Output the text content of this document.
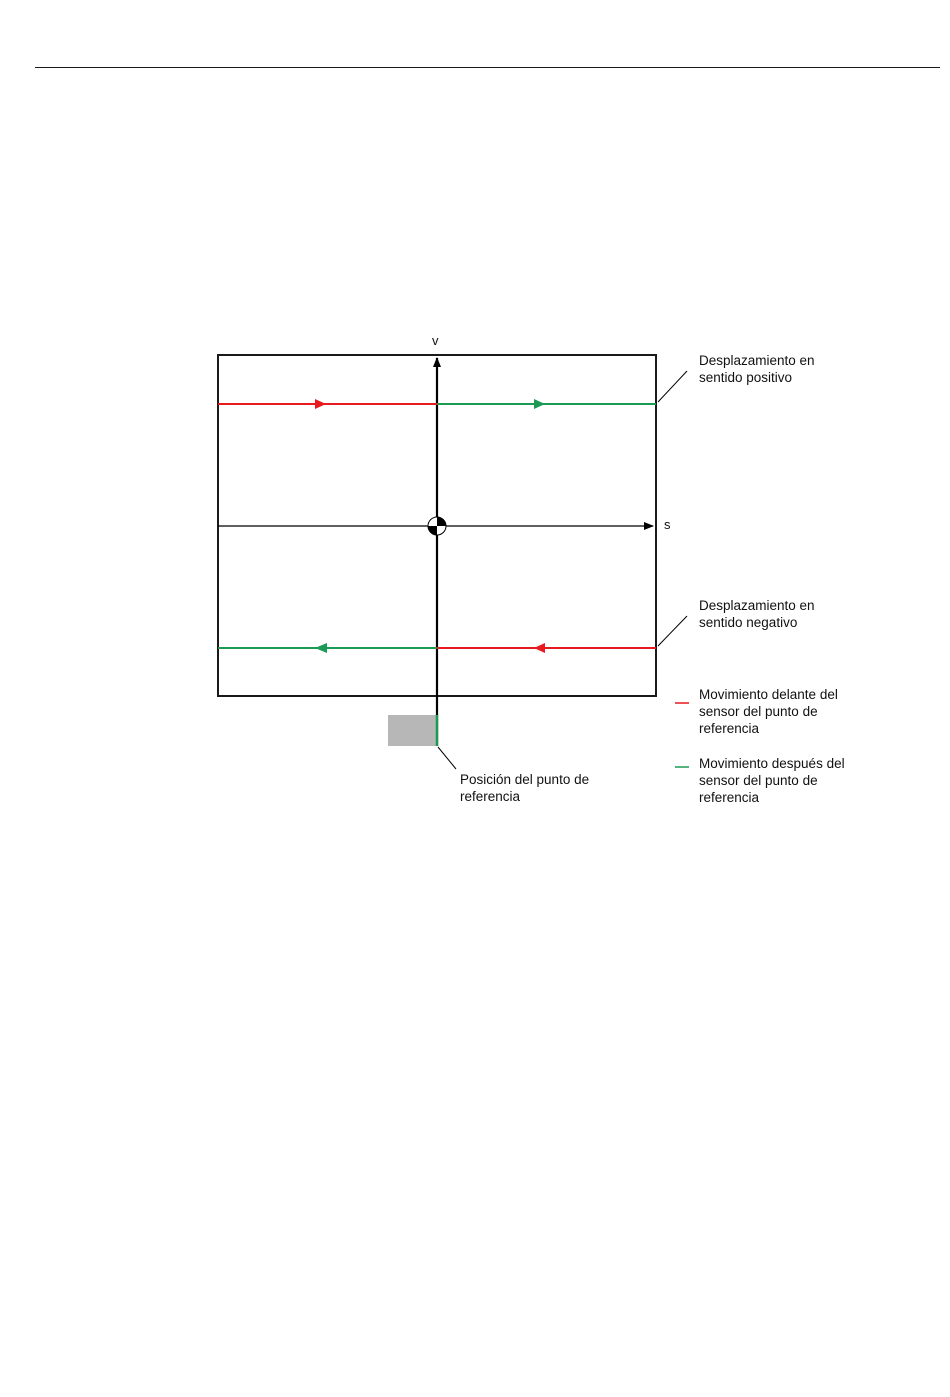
v
s
Desplazamiento en
sentido positivo
Desplazamiento en
sentido negativo
Posición del punto de
referencia
Movimiento delante del
sensor del punto de
referencia
Movimiento después del
sensor del punto de
referencia
